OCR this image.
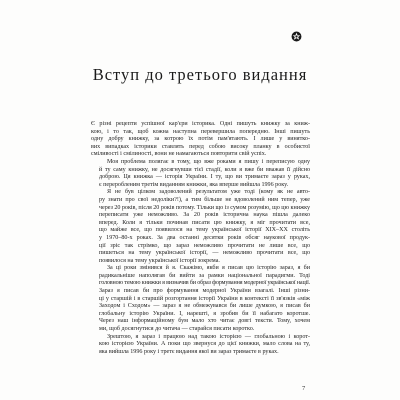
Вступ до третього видання
Є різні рецепти успішної кар'єри історика. Одні пишуть книжку за книж-
кою, і то так, щоб кожна наступна перевершила попередню. Інші пишуть
одну добру книжку, за котрою їх потім пам'ятають. І лише у винятко-
вих випадках історики ставлять перед собою високу планку в особистої
сміливості і смілиності, вони не намагаються повторити свій успіх.
Моя проблема полягає в тому, що вже роками я пишу і переписую одну
й ту саму книжку, не досягнувши тієї стадії, коли я вже би вважав її дійсно
доброю. Ця книжка — історія України. І ту, що ви тримаєте зараз у руках,
є переробленим третім виданням книжки, яка вперше вийшла 1996 року.
Я не був цілком задоволений результатом уже тоді (кому як не авто-
ру знати про свої недоліки?!), а тим більше не вдоволений ним тепер, уже
через 20 років, після 20 років потому. Тільки що із сумом розумію, що цю книжку
переписати уже неможливо. За 20 років історична наука пішла далеко
вперед. Коли я тільки починав писати цю книжку, я міг прочитати все,
що майже все, що появилося на тему української історії XIX–XX століть
у 1970–80-х роках. За два останні десятки років обсяг наукової продук-
ції зріс так стрімко, що зараз неможливо прочитати не лише все, що
пишеться на тему української історії, — неможливо прочитати все, що
появилося на тему української історії зокрема.
За ці роки змінився й я. Скажімо, якби я писав цю історію зараз, я би
радикальніше наполягав би вийти за рамки національної парадигми. Тоді
головною темою книжки я визначив би образ формування модерної української нації.
Зараз я писав би про формування модерної України взагалі. Інші різни-
ці у старшій і в старшій розгортання історії України в контексті її зв'язків «між
Заходом і Сходом» — зараз я не обмежувався би лише думкою, я писав би
глобальну історію України. І, нарешті, я зробив би її набагато коротше.
Через наш інформаційному бум мало хто читає довгі тексти. Тому, хочем
ми, щоб досягнутися до читача — старайся писати коротко.
Зрештою, я зараз і працюю над такою історією — глобальною і корот-
кою історією України. А поки що звернуся до цієї книжки, мало слова на ту,
яка вийшла 1996 року і третє видання якої ви зараз тримаєте в руках.
7
